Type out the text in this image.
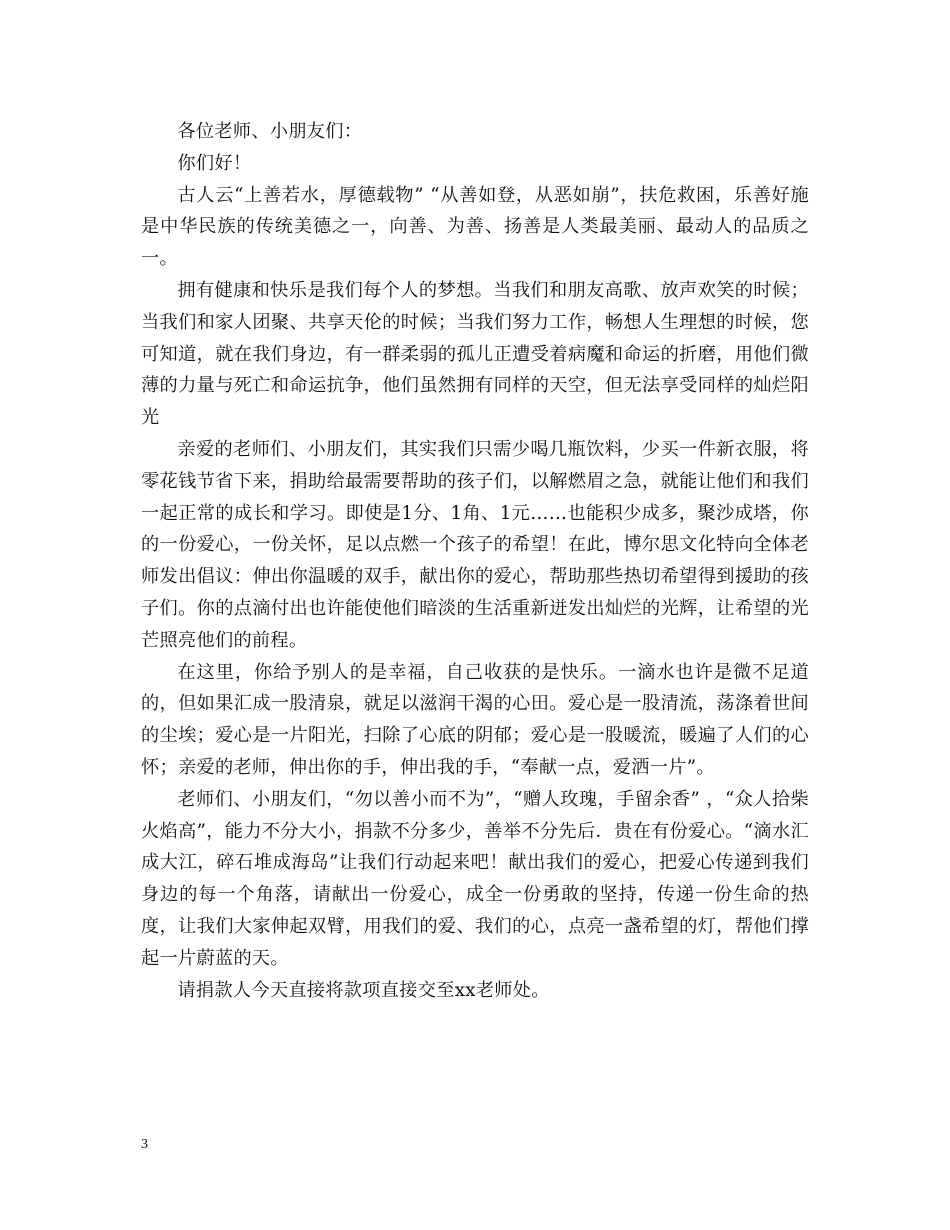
各位老师、小朋友们：

你们好！

古人云“上善若水，厚德载物” “从善如登，从恶如崩”，扶危救困，乐善好施是中华民族的传统美德之一，向善、为善、扬善是人类最美丽、最动人的品质之一。

拥有健康和快乐是我们每个人的梦想。当我们和朋友高歌、放声欢笑的时候；当我们和家人团聚、共享天伦的时候；当我们努力工作，畅想人生理想的时候，您可知道，就在我们身边，有一群柔弱的孤儿正遭受着病魔和命运的折磨，用他们微薄的力量与死亡和命运抗争，他们虽然拥有同样的天空，但无法享受同样的灿烂阳光

亲爱的老师们、小朋友们，其实我们只需少喝几瓶饮料，少买一件新衣服，将零花钱节省下来，捐助给最需要帮助的孩子们，以解燃眉之急，就能让他们和我们一起正常的成长和学习。即使是1分、1角、1元……也能积少成多，聚沙成塔，你的一份爱心，一份关怀，足以点燃一个孩子的希望！在此，博尔思文化特向全体老师发出倡议：伸出你温暖的双手，献出你的爱心，帮助那些热切希望得到援助的孩子们。你的点滴付出也许能使他们暗淡的生活重新迸发出灿烂的光辉，让希望的光芒照亮他们的前程。

在这里，你给予别人的是幸福，自己收获的是快乐。一滴水也许是微不足道的，但如果汇成一股清泉，就足以滋润干渴的心田。爱心是一股清流，荡涤着世间的尘埃；爱心是一片阳光，扫除了心底的阴郁；爱心是一股暖流，暖遍了人们的心怀；亲爱的老师，伸出你的手，伸出我的手，“奉献一点，爱洒一片”。

老师们、小朋友们，“勿以善小而不为”，“赠人玫瑰，手留余香” ，“众人拾柴火焰高”，能力不分大小，捐款不分多少，善举不分先后．贵在有份爱心。“滴水汇成大江，碎石堆成海岛”让我们行动起来吧！献出我们的爱心，把爱心传递到我们身边的每一个角落，请献出一份爱心，成全一份勇敢的坚持，传递一份生命的热度，让我们大家伸起双臂，用我们的爱、我们的心，点亮一盏希望的灯，帮他们撑起一片蔚蓝的天。

请捐款人今天直接将款项直接交至xx老师处。

3
